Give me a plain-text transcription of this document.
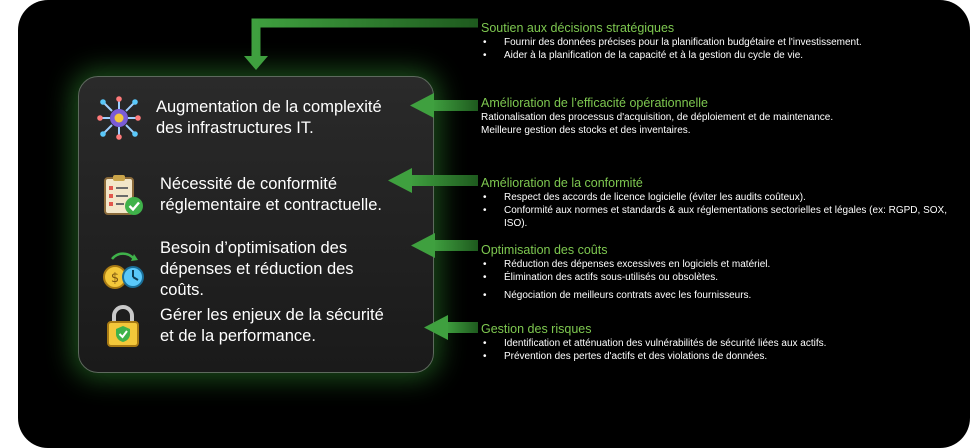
Augmentation de la complexité des infrastructures IT.
Nécessité de conformité réglementaire et contractuelle.
$
Besoin d’optimisation des dépenses et réduction des coûts.
Gérer les enjeux de la sécurité et de la performance.
Soutien aux décisions stratégiques
• Fournir des données précises pour la planification budgétaire et l'investissement.
• Aider à la planification de la capacité et à la gestion du cycle de vie.
Amélioration de l’efficacité opérationnelle
Rationalisation des processus d'acquisition, de déploiement et de maintenance.
Meilleure gestion des stocks et des inventaires.
Amélioration de la conformité
• Respect des accords de licence logicielle (éviter les audits coûteux).
• Conformité aux normes et standards & aux réglementations sectorielles et légales (ex: RGPD, SOX, ISO).
Optimisation des coûts
• Réduction des dépenses excessives en logiciels et matériel.
• Élimination des actifs sous-utilisés ou obsolètes.
• Négociation de meilleurs contrats avec les fournisseurs.
Gestion des risques
• Identification et atténuation des vulnérabilités de sécurité liées aux actifs.
• Prévention des pertes d'actifs et des violations de données.
